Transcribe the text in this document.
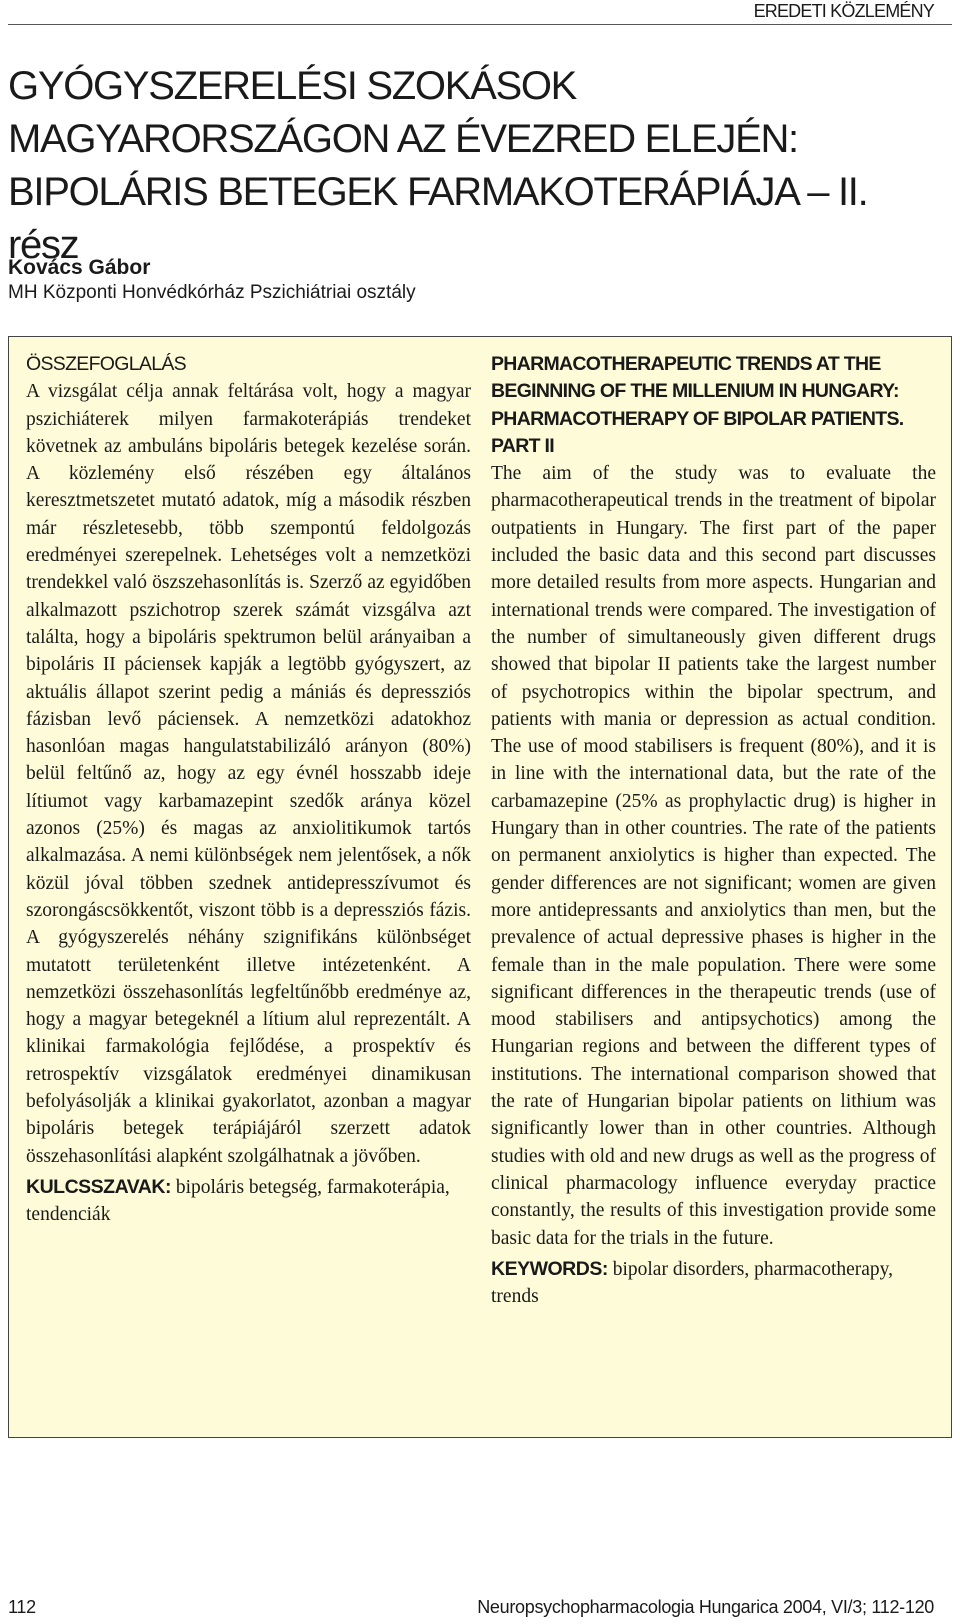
EREDETI KÖZLEMÉNY
GYÓGYSZERELÉSI SZOKÁSOK MAGYARORSZÁGON AZ ÉVEZRED ELEJÉN: BIPOLÁRIS BETEGEK FARMAKOTERÁPIÁJA – II. rész
Kovács Gábor
MH Központi Honvédkórház Pszichiátriai osztály
ÖSSZEFOGLALÁS

A vizsgálat célja annak feltárása volt, hogy a magyar pszichiáterek milyen farmakoterápiás trendeket követnek az ambuláns bipoláris betegek kezelése során. A közlemény első részében egy általános keresztmetszetet mutató adatok, míg a második részben már részletesebb, több szempontú feldolgozás eredményei szerepelnek. Lehetséges volt a nemzetközi trendekkel való öszszehasonlítás is. Szerző az egyidőben alkalmazott pszichotrop szerek számát vizsgálva azt találta, hogy a bipoláris spektrumon belül arányaiban a bipoláris II páciensek kapják a legtöbb gyógyszert, az aktuális állapot szerint pedig a mániás és depressziós fázisban levő páciensek. A nemzetközi adatokhoz hasonlóan magas hangulatstabilizáló arányon (80%) belül feltűnő az, hogy az egy évnél hosszabb ideje lítiumot vagy karbamazepint szedők aránya közel azonos (25%) és magas az anxiolitikumok tartós alkalmazása. A nemi különbségek nem jelentősek, a nők közül jóval többen szednek antidepresszívumot és szorongáscsökkentőt, viszont több is a depressziós fázis. A gyógyszerelés néhány szignifikáns különbséget mutatott területenként illetve intézetenként. A nemzetközi összehasonlítás legfeltűnőbb eredménye az, hogy a magyar betegeknél a lítium alul reprezentált. A klinikai farmakológia fejlődése, a prospektív és retrospektív vizsgálatok eredményei dinamikusan befolyásolják a klinikai gyakorlatot, azonban a magyar bipoláris betegek terápiájáról szerzett adatok összehasonlítási alapként szolgálhatnak a jövőben.

KULCSSZAVAK: bipoláris betegség, farmakoterápia, tendenciák

PHARMACOTHERAPEUTIC TRENDS AT THE BEGINNING OF THE MILLENIUM IN HUNGARY: PHARMACOTHERAPY OF BIPOLAR PATIENTS. PART II

The aim of the study was to evaluate the pharmacotherapeutical trends in the treatment of bipolar outpatients in Hungary. The first part of the paper included the basic data and this second part discusses more detailed results from more aspects. Hungarian and international trends were compared. The investigation of the number of simultaneously given different drugs showed that bipolar II patients take the largest number of psychotropics within the bipolar spectrum, and patients with mania or depression as actual condition. The use of mood stabilisers is frequent (80%), and it is in line with the international data, but the rate of the carbamazepine (25% as prophylactic drug) is higher in Hungary than in other countries. The rate of the patients on permanent anxiolytics is higher than expected. The gender differences are not significant; women are given more antidepressants and anxiolytics than men, but the prevalence of actual depressive phases is higher in the female than in the male population. There were some significant differences in the therapeutic trends (use of mood stabilisers and antipsychotics) among the Hungarian regions and between the different types of institutions. The international comparison showed that the rate of Hungarian bipolar patients on lithium was significantly lower than in other countries. Although studies with old and new drugs as well as the progress of clinical pharmacology influence everyday practice constantly, the results of this investigation provide some basic data for the trials in the future.

KEYWORDS: bipolar disorders, pharmacotherapy, trends

112	Neuropsychopharmacologia Hungarica 2004, VI/3; 112-120
